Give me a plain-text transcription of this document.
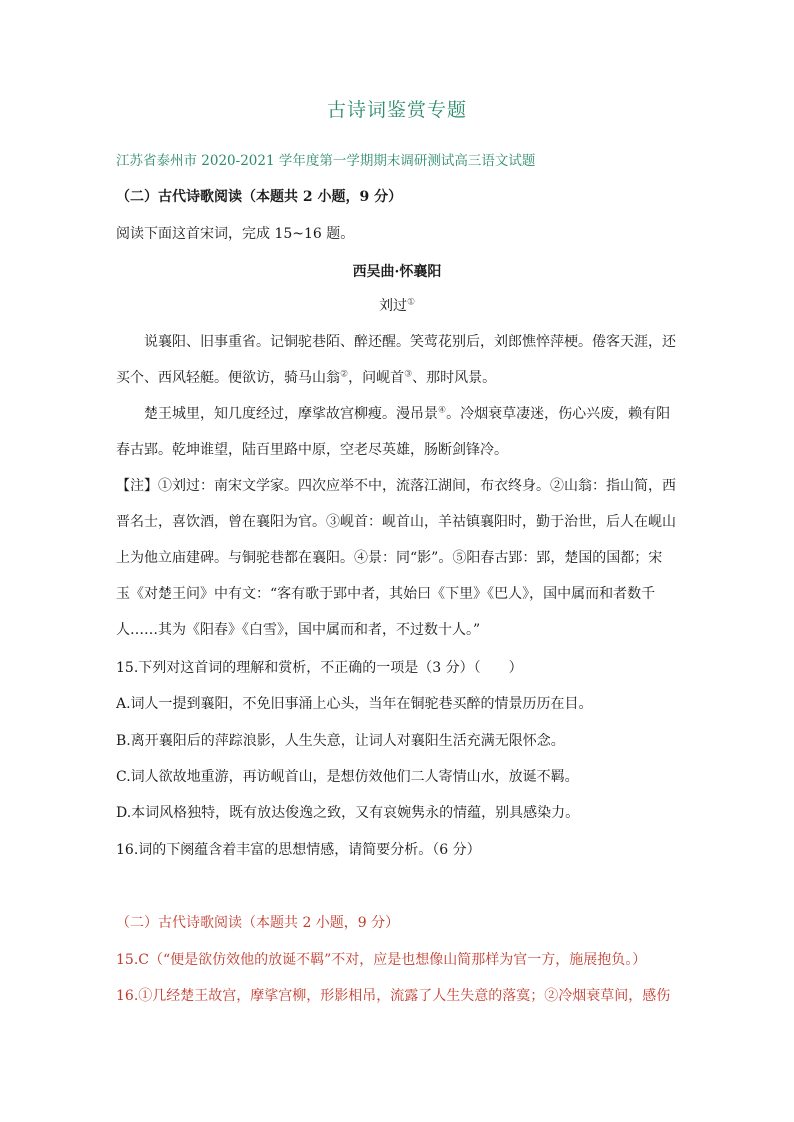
古诗词鉴赏专题
江苏省泰州市 2020-2021 学年度第一学期期末调研测试高三语文试题
（二）古代诗歌阅读（本题共 2 小题，9 分）
阅读下面这首宋词，完成 15~16 题。
西吴曲·怀襄阳
刘过①
说襄阳、旧事重省。记铜驼巷陌、醉还醒。笑莺花别后，刘郎憔悴萍梗。倦客天涯，还
买个、西风轻艇。便欲访，骑马山翁②，问岘首③、那时风景。
楚王城里，知几度经过，摩挲故宫柳瘦。漫吊景④。冷烟衰草凄迷，伤心兴废，赖有阳
春古郢。乾坤谁望，陆百里路中原，空老尽英雄，肠断剑锋冷。
【注】①刘过：南宋文学家。四次应举不中，流落江湖间，布衣终身。②山翁：指山简，西
晋名士，喜饮酒，曾在襄阳为官。③岘首：岘首山，羊祜镇襄阳时，勤于治世，后人在岘山
上为他立庙建碑。与铜驼巷都在襄阳。④景：同“影”。⑤阳春古郢：郢，楚国的国都；宋
玉《对楚王问》中有文：“客有歌于郢中者，其始曰《下里》《巴人》，国中属而和者数千
人……其为《阳春》《白雪》，国中属而和者，不过数十人。”
15.下列对这首词的理解和赏析，不正确的一项是（3 分）（　　）
A.词人一提到襄阳，不免旧事涌上心头，当年在铜驼巷买醉的情景历历在目。
B.离开襄阳后的萍踪浪影，人生失意，让词人对襄阳生活充满无限怀念。
C.词人欲故地重游，再访岘首山，是想仿效他们二人寄情山水，放诞不羁。
D.本词风格独特，既有放达俊逸之致，又有哀婉隽永的情蕴，别具感染力。
16.词的下阕蕴含着丰富的思想情感，请简要分析。（6 分）
（二）古代诗歌阅读（本题共 2 小题，9 分）
15.C（“便是欲仿效他的放诞不羁”不对，应是也想像山简那样为官一方，施展抱负。）
16.①几经楚王故宫，摩挲宫柳，形影相吊，流露了人生失意的落寞；②冷烟衰草间，感伤
